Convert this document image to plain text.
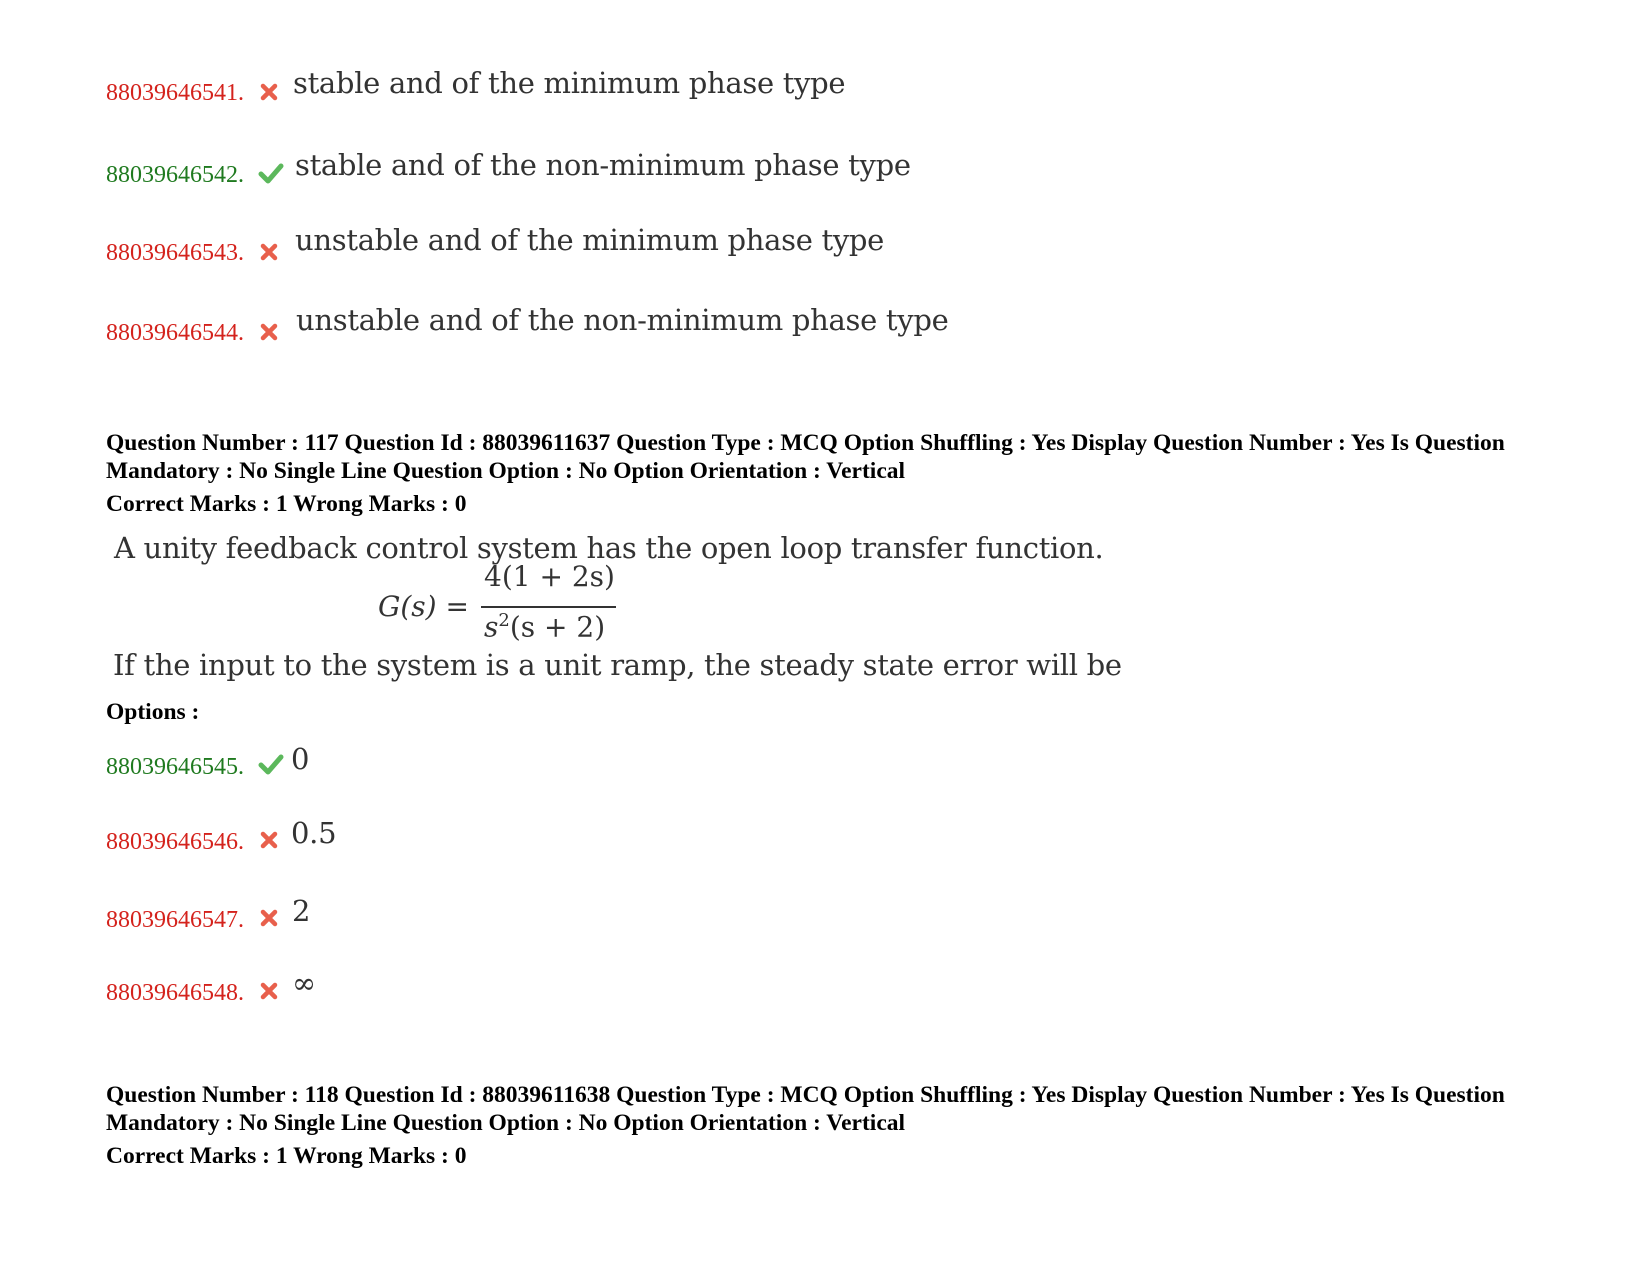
88039646541. stable and of the minimum phase type
88039646542. stable and of the non-minimum phase type
88039646543. unstable and of the minimum phase type
88039646544. unstable and of the non-minimum phase type
Question Number : 117 Question Id : 88039611637 Question Type : MCQ Option Shuffling : Yes Display Question Number : Yes Is Question Mandatory : No Single Line Question Option : No Option Orientation : Vertical
Correct Marks : 1 Wrong Marks : 0
A unity feedback control system has the open loop transfer function.
G(s) =
4(1 + 2s)
$s^2(s + 2)$
If the input to the system is a unit ramp, the steady state error will be
Options :
88039646545. 0
88039646546. 0.5
88039646547. 2
88039646548. ∞
Question Number : 118 Question Id : 88039611638 Question Type : MCQ Option Shuffling : Yes Display Question Number : Yes Is Question Mandatory : No Single Line Question Option : No Option Orientation : Vertical
Correct Marks : 1 Wrong Marks : 0
